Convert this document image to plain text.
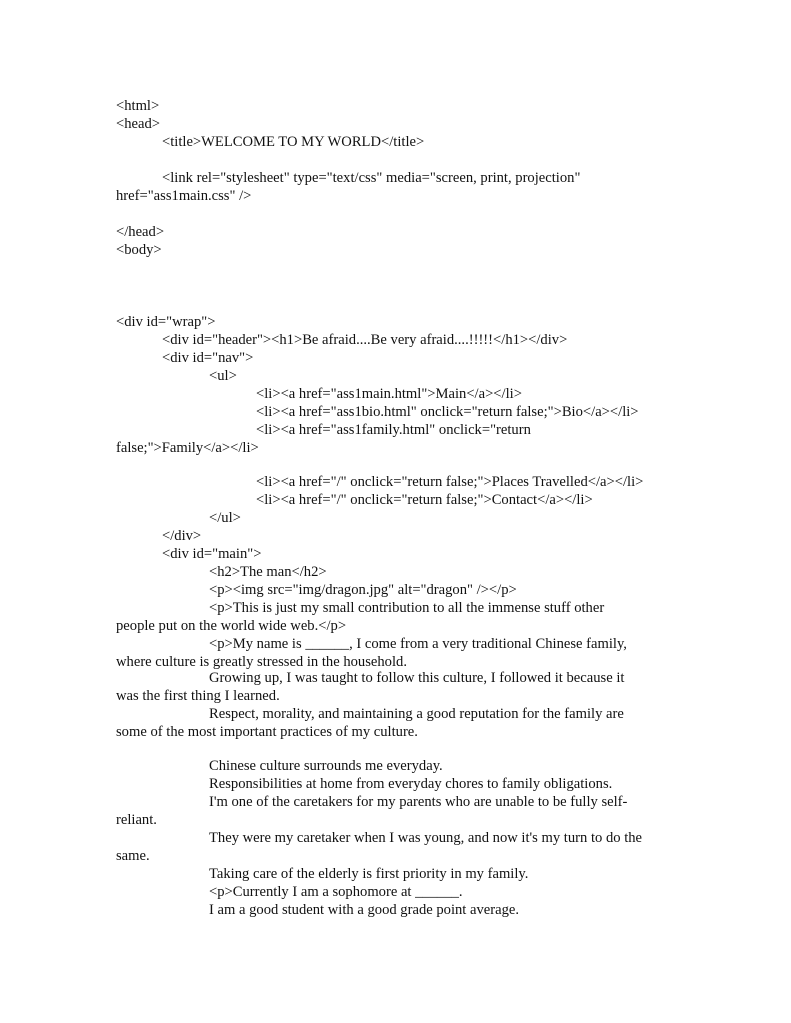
<html>

<head>

<title>WELCOME TO MY WORLD</title>

<link rel="stylesheet" type="text/css" media="screen, print, projection"

href="ass1main.css" />

</head>

<body>

<div id="wrap">

<div id="header"><h1>Be afraid....Be very afraid....!!!!!</h1></div>

<div id="nav">

<ul>

<li><a href="ass1main.html">Main</a></li>

<li><a href="ass1bio.html" onclick="return false;">Bio</a></li>

<li><a href="ass1family.html" onclick="return

false;">Family</a></li>

<li><a href="/" onclick="return false;">Places Travelled</a></li>

<li><a href="/" onclick="return false;">Contact</a></li>

</ul>

</div>

<div id="main">

<h2>The man</h2>

<p><img src="img/dragon.jpg" alt="dragon" /></p>

<p>This is just my small contribution to all the immense stuff other

people put on the world wide web.</p>

<p>My name is ______, I come from a very traditional Chinese family,

where culture is greatly stressed in the household.

Growing up, I was taught to follow this culture, I followed it because it

was the first thing I learned.

Respect, morality, and maintaining a good reputation for the family are

some of the most important practices of my culture.

Chinese culture surrounds me everyday.

Responsibilities at home from everyday chores to family obligations.

I'm one of the caretakers for my parents who are unable to be fully self-

reliant.

They were my caretaker when I was young, and now it's my turn to do the

same.

Taking care of the elderly is first priority in my family.

<p>Currently I am a sophomore at ______.

I am a good student with a good grade point average.
